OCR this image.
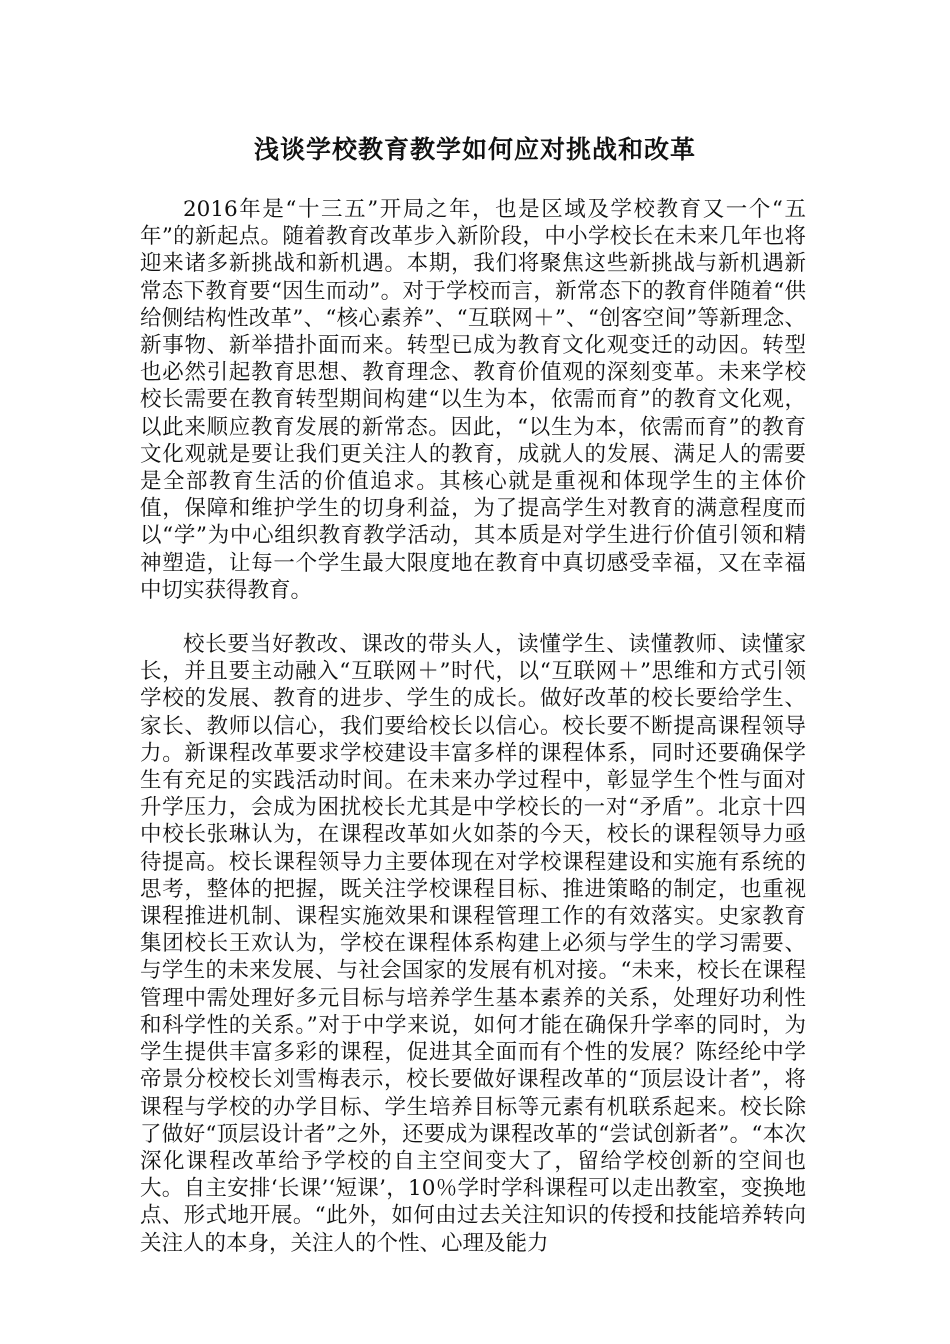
浅谈学校教育教学如何应对挑战和改革

2016年是“十三五”开局之年，也是区域及学校教育又一个“五年”的新起点。随着教育改革步入新阶段，中小学校长在未来几年也将迎来诸多新挑战和新机遇。本期，我们将聚焦这些新挑战与新机遇新常态下教育要“因生而动”。对于学校而言，新常态下的教育伴随着“供给侧结构性改革”、“核心素养”、“互联网＋”、“创客空间”等新理念、新事物、新举措扑面而来。转型已成为教育文化观变迁的动因。转型也必然引起教育思想、教育理念、教育价值观的深刻变革。未来学校校长需要在教育转型期间构建“以生为本，依需而育”的教育文化观，以此来顺应教育发展的新常态。因此，“以生为本，依需而育”的教育文化观就是要让我们更关注人的教育，成就人的发展、满足人的需要是全部教育生活的价值追求。其核心就是重视和体现学生的主体价值，保障和维护学生的切身利益，为了提高学生对教育的满意程度而以“学”为中心组织教育教学活动，其本质是对学生进行价值引领和精神塑造，让每一个学生最大限度地在教育中真切感受幸福，又在幸福中切实获得教育。

校长要当好教改、课改的带头人，读懂学生、读懂教师、读懂家长，并且要主动融入“互联网＋”时代，以“互联网＋”思维和方式引领学校的发展、教育的进步、学生的成长。做好改革的校长要给学生、家长、教师以信心，我们要给校长以信心。校长要不断提高课程领导力。新课程改革要求学校建设丰富多样的课程体系，同时还要确保学生有充足的实践活动时间。在未来办学过程中，彰显学生个性与面对升学压力，会成为困扰校长尤其是中学校长的一对“矛盾”。北京十四中校长张琳认为，在课程改革如火如荼的今天，校长的课程领导力亟待提高。校长课程领导力主要体现在对学校课程建设和实施有系统的思考，整体的把握，既关注学校课程目标、推进策略的制定，也重视课程推进机制、课程实施效果和课程管理工作的有效落实。史家教育集团校长王欢认为，学校在课程体系构建上必须与学生的学习需要、与学生的未来发展、与社会国家的发展有机对接。“未来，校长在课程管理中需处理好多元目标与培养学生基本素养的关系，处理好功利性和科学性的关系。”对于中学来说，如何才能在确保升学率的同时，为学生提供丰富多彩的课程，促进其全面而有个性的发展？陈经纶中学帝景分校校长刘雪梅表示，校长要做好课程改革的“顶层设计者”，将课程与学校的办学目标、学生培养目标等元素有机联系起来。校长除了做好“顶层设计者”之外，还要成为课程改革的“尝试创新者”。“本次深化课程改革给予学校的自主空间变大了，留给学校创新的空间也大。自主安排‘长课’‘短课’，10％学时学科课程可以走出教室，变换地点、形式地开展。“此外，如何由过去关注知识的传授和技能培养转向关注人的本身，关注人的个性、心理及能力
